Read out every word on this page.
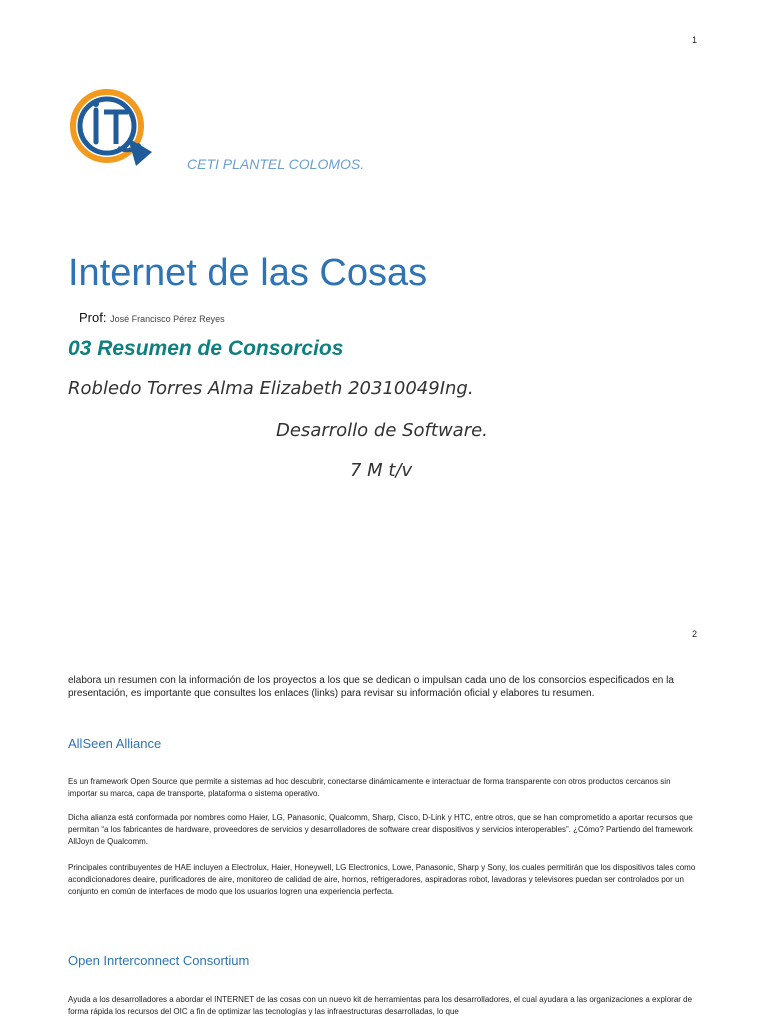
1
CETI PLANTEL COLOMOS.
Internet de las Cosas
Prof: José Francisco Pérez Reyes
03 Resumen de Consorcios
Robledo Torres Alma Elizabeth 20310049Ing.
Desarrollo de Software.
7 M t/v
2
elabora un resumen con la información de los proyectos a los que se dedican o impulsan cada uno de los consorcios especificados en la presentación, es importante que consultes los enlaces (links) para revisar su información oficial y elabores tu resumen.
AllSeen Alliance
Es un framework Open Source que permite a sistemas ad hoc descubrir, conectarse dinámicamente e interactuar de forma transparente con otros productos cercanos sin importar su marca, capa de transporte, plataforma o sistema operativo.
Dicha alianza está conformada por nombres como Haier, LG, Panasonic, Qualcomm, Sharp, Cisco, D-Link y HTC, entre otros, que se han comprometido a aportar recursos que permitan “a los fabricantes de hardware, proveedores de servicios y desarrolladores de software crear dispositivos y servicios interoperables”. ¿Cómo? Partiendo del framework AllJoyn de Qualcomm.
Principales contribuyentes de HAE incluyen a Electrolux, Haier, Honeywell, LG Electronics, Lowe, Panasonic, Sharp y Sony, los cuales permitirán que los dispositivos tales como acondicionadores deaire, purificadores de aire, monitoreo de calidad de aire, hornos, refrigeradores, aspiradoras robot, lavadoras y televisores puedan ser controlados por un conjunto en común de interfaces de modo que los usuarios logren una experiencia perfecta.
Open Inrterconnect Consortium
Ayuda a los desarrolladores a abordar el INTERNET de las cosas con un nuevo kit de herramientas para los desarrolladores, el cual ayudara a las organizaciones a explorar de forma rápida los recursos del OIC a fin de optimizar las tecnologías y las infraestructuras desarrolladas, lo que
